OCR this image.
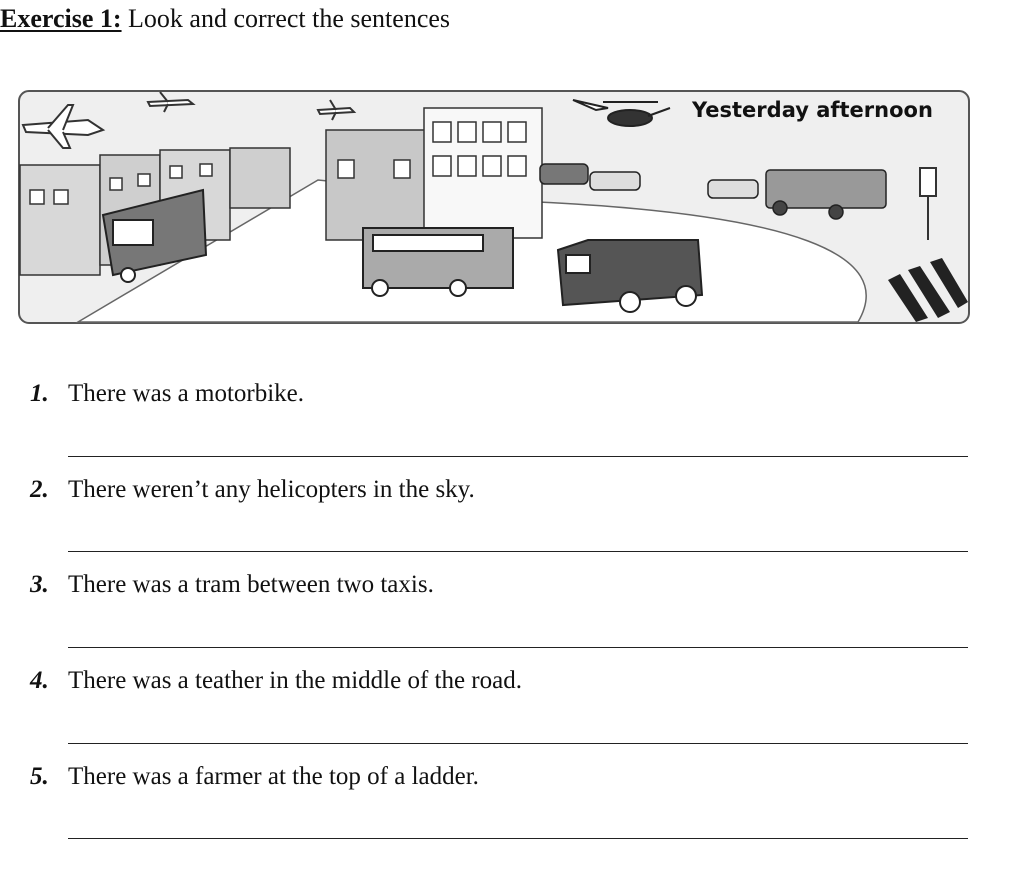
Exercise 1: Look and correct the sentences
Yesterday afternoon
1. There was a motorbike.
2. There weren’t any helicopters in the sky.
3. There was a tram between two taxis.
4. There was a teather in the middle of the road.
5. There was a farmer at the top of a ladder.
